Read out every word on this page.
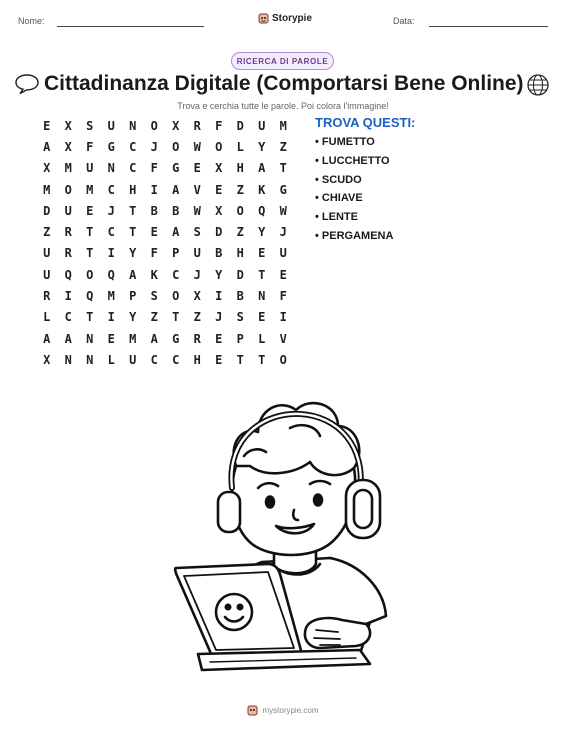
Nome:	Storypie	Data:
RICERCA DI PAROLE
Cittadinanza Digitale (Comportarsi Bene Online)
Trova e cerchia tutte le parole. Poi colora l'immagine!
E	X	S	U	N	O	X	R	F	D	U	M
A	X	F	G	C	J	O	W	O	L	Y	Z
X	M	U	N	C	F	G	E	X	H	A	T
M	O	M	C	H	I	A	V	E	Z	K	G
D	U	E	J	T	B	B	W	X	O	Q	W
Z	R	T	C	T	E	A	S	D	Z	Y	J
U	R	T	I	Y	F	P	U	B	H	E	U
U	Q	O	Q	A	K	C	J	Y	D	T	E
R	I	Q	M	P	S	O	X	I	B	N	F
L	C	T	I	Y	Z	T	Z	J	S	E	I
A	A	N	E	M	A	G	R	E	P	L	V
X	N	N	L	U	C	C	H	E	T	T	O
TROVA QUESTI:
• FUMETTO
• LUCCHETTO
• SCUDO
• CHIAVE
• LENTE
• PERGAMENA
mystorypie.com
